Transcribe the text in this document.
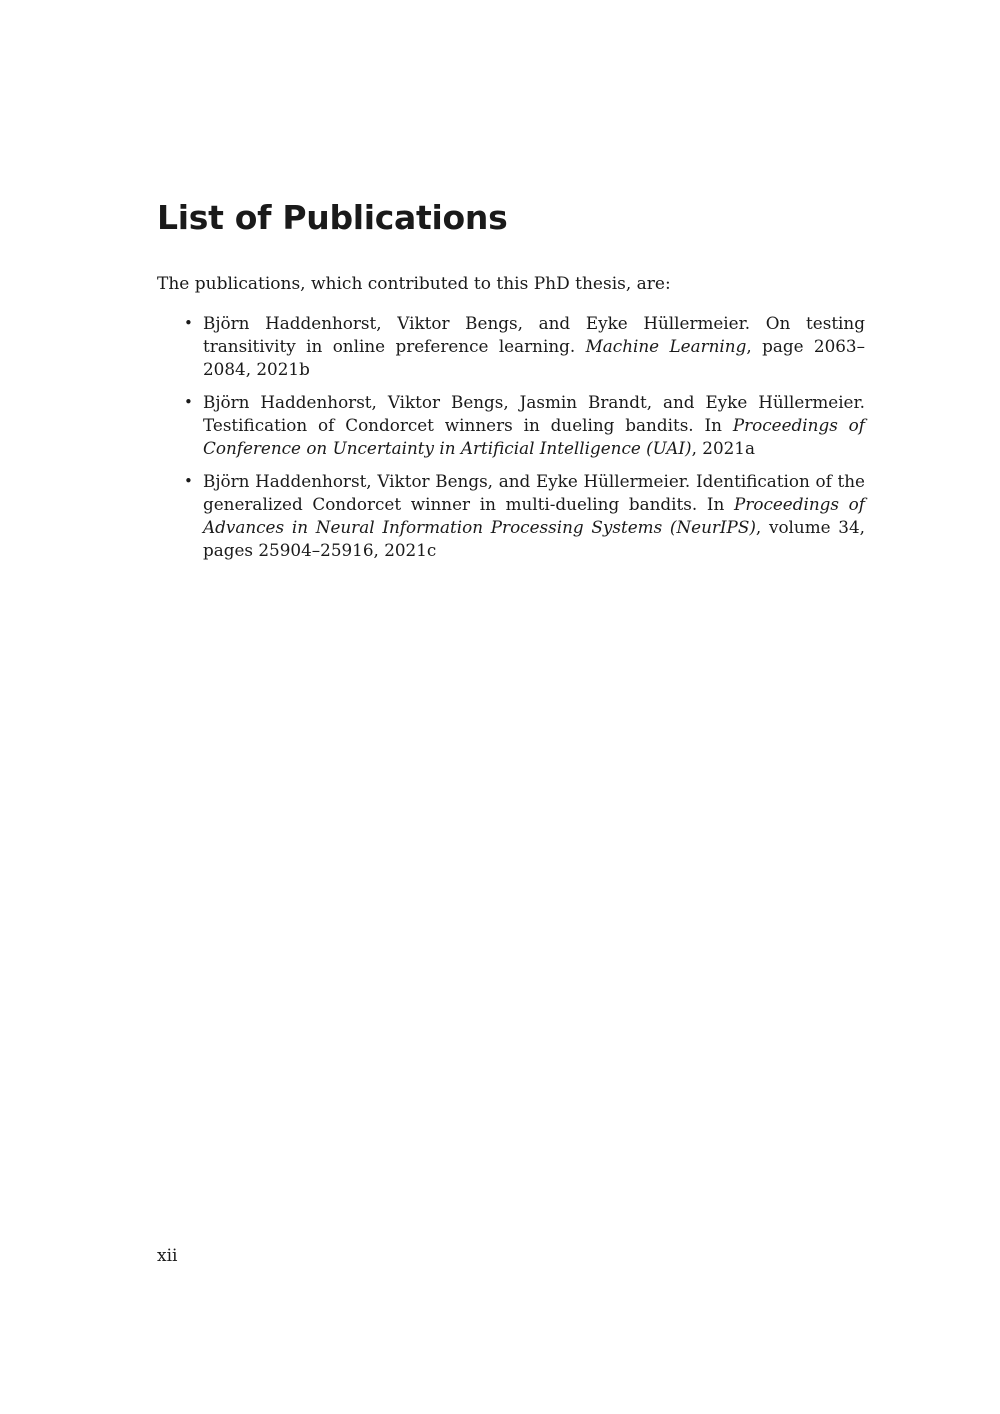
List of Publications

The publications, which contributed to this PhD thesis, are:

• Björn Haddenhorst, Viktor Bengs, and Eyke Hüllermeier. On testing transitivity in online preference learning. Machine Learning, page 2063–2084, 2021b
• Björn Haddenhorst, Viktor Bengs, Jasmin Brandt, and Eyke Hüllermeier. Testification of Condorcet winners in dueling bandits. In Proceedings of Conference on Uncertainty in Artificial Intelligence (UAI), 2021a
• Björn Haddenhorst, Viktor Bengs, and Eyke Hüllermeier. Identification of the generalized Condorcet winner in multi-dueling bandits. In Proceedings of Advances in Neural Information Processing Systems (NeurIPS), volume 34, pages 25904–25916, 2021c
xii
